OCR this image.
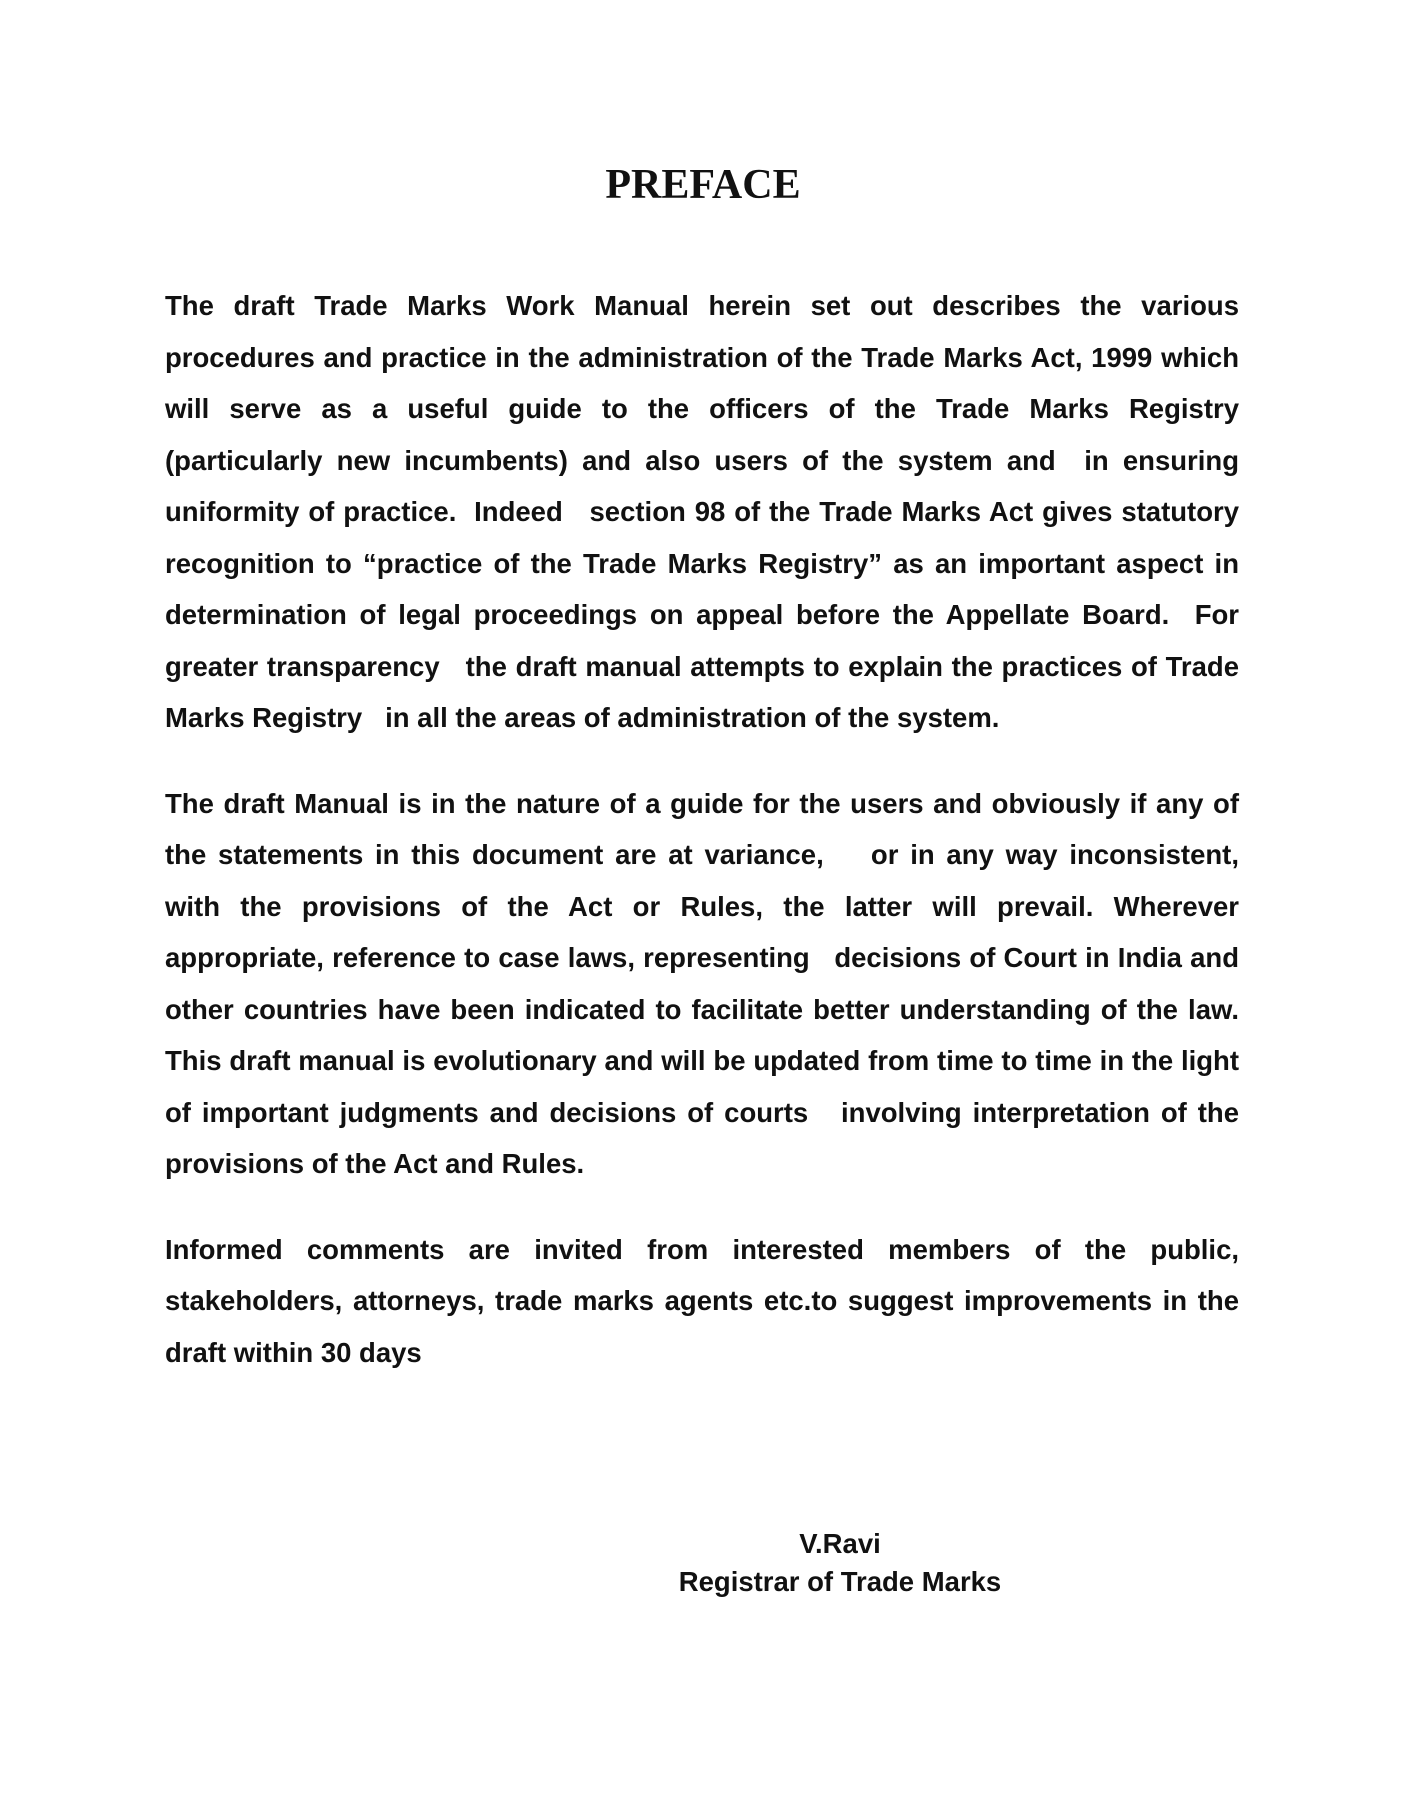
PREFACE

The draft Trade Marks Work Manual herein set out describes the various procedures and practice in the administration of the Trade Marks Act, 1999 which will serve as a useful guide to the officers of the Trade Marks Registry (particularly new incumbents) and also users of the system and  in ensuring uniformity of practice.  Indeed   section 98 of the Trade Marks Act gives statutory recognition to “practice of the Trade Marks Registry” as an important aspect in determination of legal proceedings on appeal before the Appellate Board.  For greater transparency   the draft manual attempts to explain the practices of Trade Marks Registry   in all the areas of administration of the system.

The draft Manual is in the nature of a guide for the users and obviously if any of the statements in this document are at variance,    or in any way inconsistent, with the provisions of the Act or Rules, the latter will prevail. Wherever appropriate, reference to case laws, representing   decisions of Court in India and other countries have been indicated to facilitate better understanding of the law.  This draft manual is evolutionary and will be updated from time to time in the light of important judgments and decisions of courts   involving interpretation of the provisions of the Act and Rules.

Informed comments are invited from interested members of the public, stakeholders, attorneys, trade marks agents etc.to suggest improvements in the draft within 30 days

V.Ravi
Registrar of Trade Marks
